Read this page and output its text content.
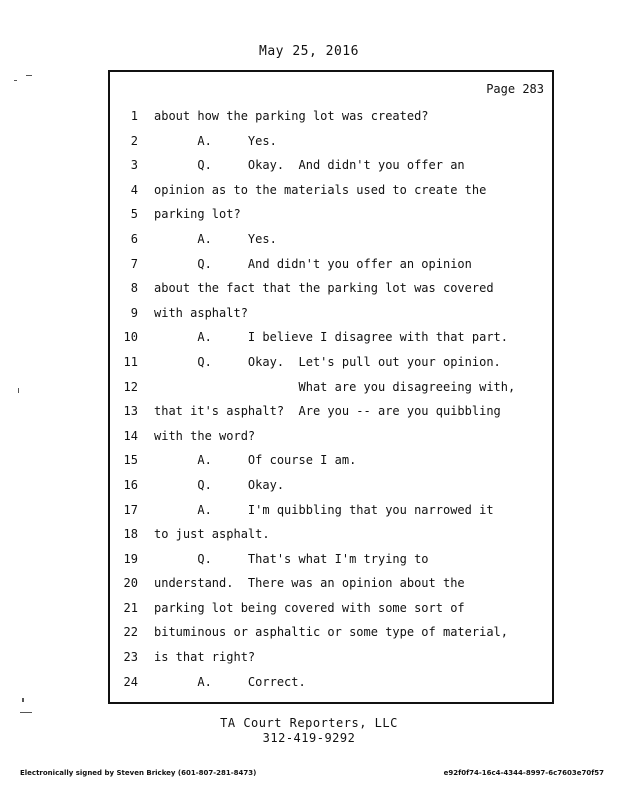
May 25, 2016
Page 283
1 about how the parking lot was created?
2 A.     Yes.
3 Q.     Okay.  And didn't you offer an
4 opinion as to the materials used to create the
5 parking lot?
6 A.     Yes.
7 Q.     And didn't you offer an opinion
8 about the fact that the parking lot was covered
9 with asphalt?
10 A.     I believe I disagree with that part.
11 Q.     Okay.  Let's pull out your opinion.
12 What are you disagreeing with,
13 that it's asphalt?  Are you -- are you quibbling
14 with the word?
15 A.     Of course I am.
16 Q.     Okay.
17 A.     I'm quibbling that you narrowed it
18 to just asphalt.
19 Q.     That's what I'm trying to
20 understand.  There was an opinion about the
21 parking lot being covered with some sort of
22 bituminous or asphaltic or some type of material,
23 is that right?
24 A.     Correct.
TA Court Reporters, LLC
312-419-9292
Electronically signed by Steven Brickey (601-807-281-8473)	e92f0f74-16c4-4344-8997-6c7603e70f57
